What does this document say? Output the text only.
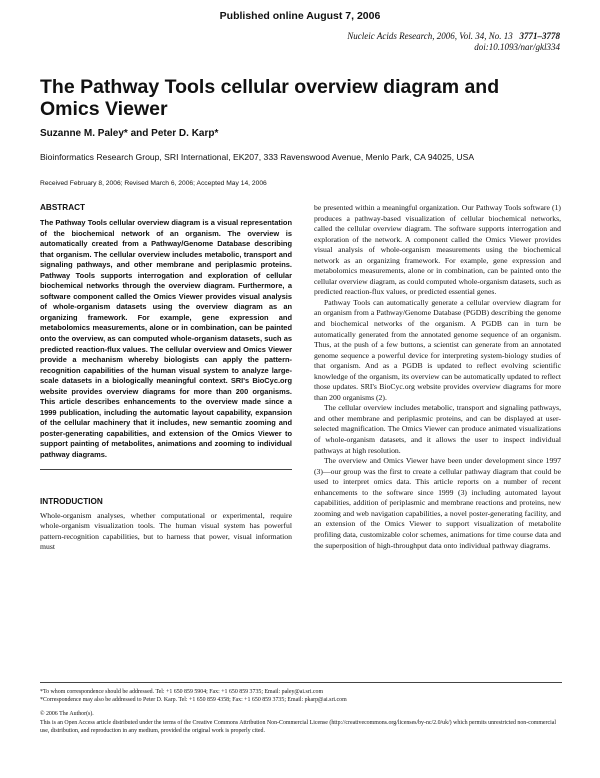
Published online August 7, 2006
Nucleic Acids Research, 2006, Vol. 34, No. 13 3771–3778
doi:10.1093/nar/gkl334
The Pathway Tools cellular overview diagram and Omics Viewer
Suzanne M. Paley* and Peter D. Karp*
Bioinformatics Research Group, SRI International, EK207, 333 Ravenswood Avenue, Menlo Park, CA 94025, USA
Received February 8, 2006; Revised March 6, 2006; Accepted May 14, 2006
ABSTRACT

The Pathway Tools cellular overview diagram is a visual representation of the biochemical network of an organism. The overview is automatically created from a Pathway/Genome Database describing that organism. The cellular overview includes metabolic, transport and signaling pathways, and other membrane and periplasmic proteins. Pathway Tools supports interrogation and exploration of cellular biochemical networks through the overview diagram. Furthermore, a software component called the Omics Viewer provides visual analysis of whole-organism datasets using the overview diagram as an organizing framework. For example, gene expression and metabolomics measurements, alone or in combination, can be painted onto the overview, as can computed whole-organism datasets, such as predicted reaction-flux values. The cellular overview and Omics Viewer provide a mechanism whereby biologists can apply the pattern-recognition capabilities of the human visual system to analyze large-scale datasets in a biologically meaningful context. SRI's BioCyc.org website provides overview diagrams for more than 200 organisms. This article describes enhancements to the overview made since a 1999 publication, including the automatic layout capability, expansion of the cellular machinery that it includes, new semantic zooming and poster-generating capabilities, and extension of the Omics Viewer to support painting of metabolites, animations and zooming to individual pathway diagrams.

INTRODUCTION

Whole-organism analyses, whether computational or experimental, require whole-organism visualization tools. The human visual system has powerful pattern-recognition capabilities, but to harness that power, visual information must

be presented within a meaningful organization. Our Pathway Tools software (1) produces a pathway-based visualization of cellular biochemical networks, called the cellular overview diagram. The software supports interrogation and exploration of the network. A component called the Omics Viewer provides visual analysis of whole-organism measurements using the biochemical network as an organizing framework. For example, gene expression and metabolomics measurements, alone or in combination, can be painted onto the cellular overview diagram, as could computed whole-organism datasets, such as predicted reaction-flux values, or predicted essential genes.

Pathway Tools can automatically generate a cellular overview diagram for an organism from a Pathway/Genome Database (PGDB) describing the genome and biochemical networks of the organism. A PGDB can in turn be automatically generated from the annotated genome sequence of an organism. Thus, at the push of a few buttons, a scientist can generate from an annotated genome sequence a powerful device for interpreting system-biology studies of that organism. And as a PGDB is updated to reflect evolving scientific knowledge of the organism, its overview can be automatically updated to reflect those updates. SRI's BioCyc.org website provides overview diagrams for more than 200 organisms (2).

The cellular overview includes metabolic, transport and signaling pathways, and other membrane and periplasmic proteins, and can be displayed at user-selected magnification. The Omics Viewer can produce animated visualizations of whole-organism datasets, and it allows the user to inspect individual pathways at high resolution.

The overview and Omics Viewer have been under development since 1997 (3)—our group was the first to create a cellular pathway diagram that could be used to interpret omics data. This article reports on a number of recent enhancements to the software since 1999 (3) including automated layout capabilities, addition of periplasmic and membrane reactions and proteins, new zooming and web navigation capabilities, a novel poster-generating facility, and an extension of the Omics Viewer to support visualization of metabolite profiling data, customizable color schemes, animations for time course data and the superposition of high-throughput data onto individual pathway diagrams.

*To whom correspondence should be addressed. Tel: +1 650 859 5904; Fax: +1 650 859 3735; Email: paley@ai.sri.com
*Correspondence may also be addressed to Peter D. Karp. Tel: +1 650 859 4358; Fax: +1 650 859 3735; Email: pkarp@ai.sri.com
© 2006 The Author(s).
This is an Open Access article distributed under the terms of the Creative Commons Attribution Non-Commercial License (http://creativecommons.org/licenses/by-nc/2.0/uk/) which permits unrestricted non-commercial use, distribution, and reproduction in any medium, provided the original work is properly cited.
